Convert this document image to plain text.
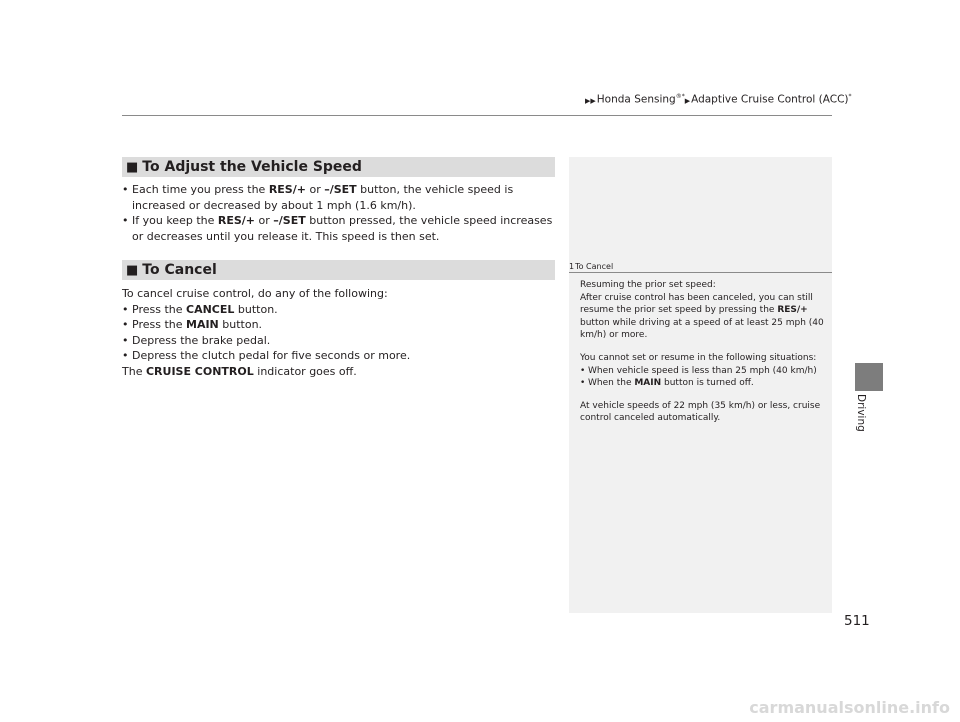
▶▶Honda Sensing®*▶Adaptive Cruise Control (ACC)*
Driving
■ To Adjust the Vehicle Speed
• Each time you press the RES/+ or –/SET button, the vehicle speed is increased or decreased by about 1 mph (1.6 km/h).
• If you keep the RES/+ or –/SET button pressed, the vehicle speed increases or decreases until you release it. This speed is then set.
■ To Cancel
To cancel cruise control, do any of the following:
• Press the CANCEL button.
• Press the MAIN button.
• Depress the brake pedal.
• Depress the clutch pedal for five seconds or more.
The CRUISE CONTROL indicator goes off.
1To Cancel

Resuming the prior set speed:
After cruise control has been canceled, you can still resume the prior set speed by pressing the RES/+ button while driving at a speed of at least 25 mph (40 km/h) or more.

You cannot set or resume in the following situations:

• When vehicle speed is less than 25 mph (40 km/h)
• When the MAIN button is turned off.

At vehicle speeds of 22 mph (35 km/h) or less, cruise control canceled automatically.

511
carmanualsonline.info
